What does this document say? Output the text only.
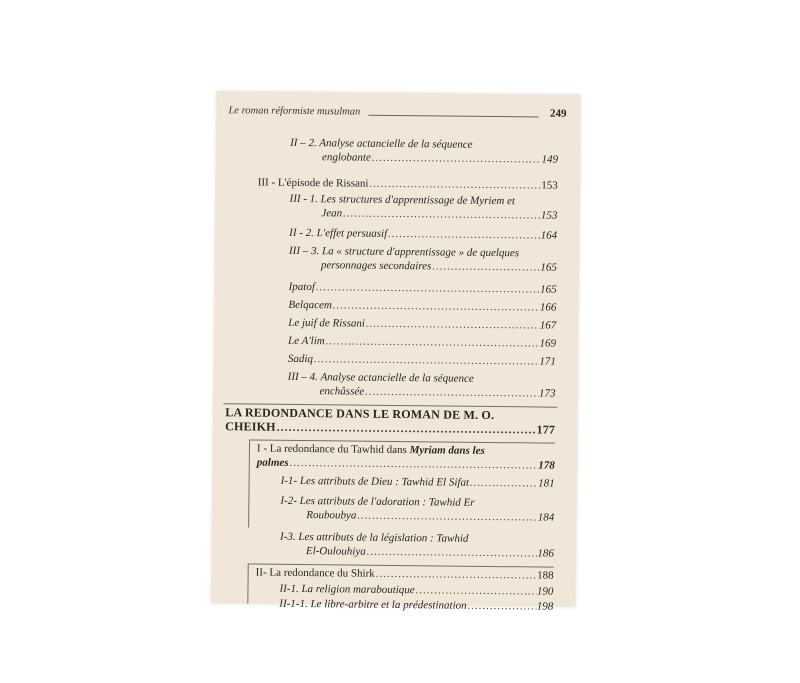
Le roman réformiste musulman	249
II – 2. Analyse actancielle de la séquence
englobante .....	149
III - L'épisode de Rissani .....	153
III - 1. Les structures d'apprentissage de Myriem et
Jean .....	153
II - 2. L'effet persuasif .....	164
III – 3. La « structure d'apprentissage » de quelques
personnages secondaires .....	165
Ipatof .....	165
Belqacem .....	166
Le juif de Rissani .....	167
Le A'lim .....	169
Sadiq .....	171
III – 4. Analyse actancielle de la séquence
enchâssée .....	173
LA REDONDANCE DANS LE ROMAN DE M. O.
CHEIKH .....	177
I - La redondance du Tawhid dans Myriam dans les
palmes .....	178
I-1- Les attributs de Dieu : Tawhid El Sifat .....	181
I-2- Les attributs de l'adoration : Tawhid Er
Rouboubya .....	184
I-3. Les attributs de la législation : Tawhid
El-Oulouhiya .....	186
II- La redondance du Shirk .....	188
II-1. La religion maraboutique .....	190
II-1-1. Le libre-arbitre et la prédestination .....	198
